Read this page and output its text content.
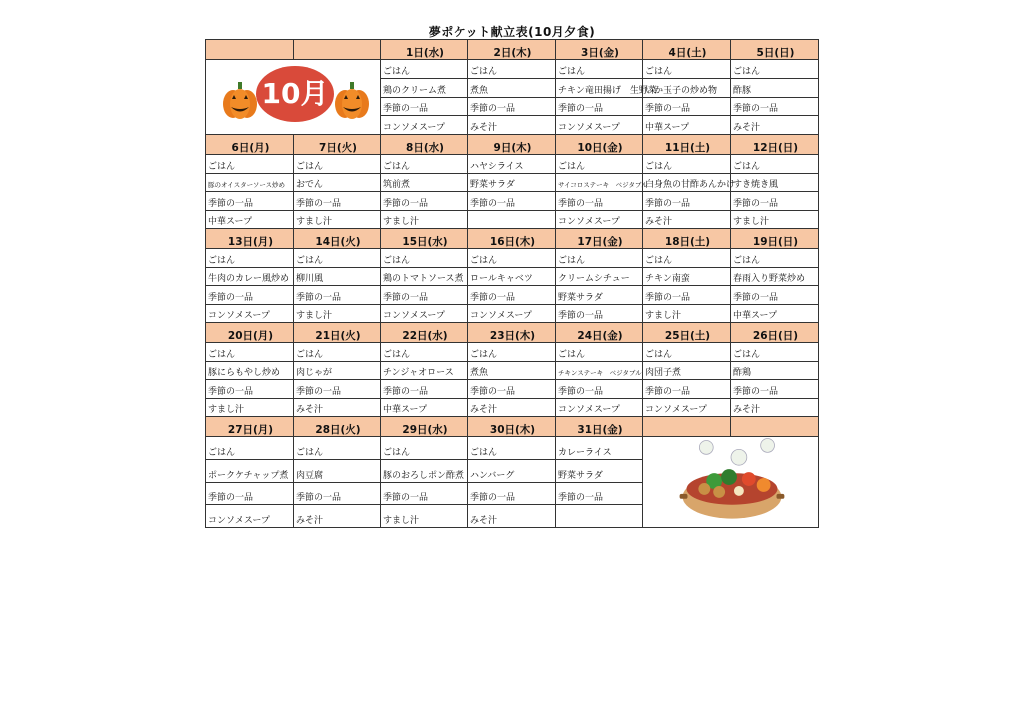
夢ポケット献立表(10月夕食)
		1日(水)	2日(木)	3日(金)	4日(土)	5日(日)

10月		ごはん	ごはん	ごはん	ごはん	ごはん
		鶏のクリーム煮	煮魚	チキン竜田揚げ　生野菜	いか玉子の炒め物	酢豚
		季節の一品	季節の一品	季節の一品	季節の一品	季節の一品
		コンソメスープ	みそ汁	コンソメスープ	中華スープ	みそ汁
6日(月)	7日(火)	8日(水)	9日(木)	10日(金)	11日(土)	12日(日)
ごはん	ごはん	ごはん	ハヤシライス	ごはん	ごはん	ごはん
豚のオイスターソース炒め	おでん	筑前煮	野菜サラダ	サイコロステーキ　ベジタブル	白身魚の甘酢あんかけ	すき焼き風
季節の一品	季節の一品	季節の一品	季節の一品	季節の一品	季節の一品	季節の一品
中華スープ	すまし汁	すまし汁		コンソメスープ	みそ汁	すまし汁
13日(月)	14日(火)	15日(水)	16日(木)	17日(金)	18日(土)	19日(日)
ごはん	ごはん	ごはん	ごはん	ごはん	ごはん	ごはん
牛肉のカレー風炒め	柳川風	鶏のトマトソース煮	ロールキャベツ	クリームシチュー	チキン南蛮	春雨入り野菜炒め
季節の一品	季節の一品	季節の一品	季節の一品	野菜サラダ	季節の一品	季節の一品
コンソメスープ	すまし汁	コンソメスープ	コンソメスープ	季節の一品	すまし汁	中華スープ
20日(月)	21日(火)	22日(水)	23日(木)	24日(金)	25日(土)	26日(日)
ごはん	ごはん	ごはん	ごはん	ごはん	ごはん	ごはん
豚にらもやし炒め	肉じゃが	チンジャオロース	煮魚	チキンステーキ　ベジタブル	肉団子煮	酢鶏
季節の一品	季節の一品	季節の一品	季節の一品	季節の一品	季節の一品	季節の一品
すまし汁	みそ汁	中華スープ	みそ汁	コンソメスープ	コンソメスープ	みそ汁
27日(月)	28日(火)	29日(水)	30日(木)	31日(金)		
ごはん	ごはん	ごはん	ごはん	カレーライス	
ポークケチャップ煮	肉豆腐	豚のおろしポン酢煮	ハンバーグ	野菜サラダ		
季節の一品	季節の一品	季節の一品	季節の一品	季節の一品		
コンソメスープ	みそ汁	すまし汁	みそ汁			
